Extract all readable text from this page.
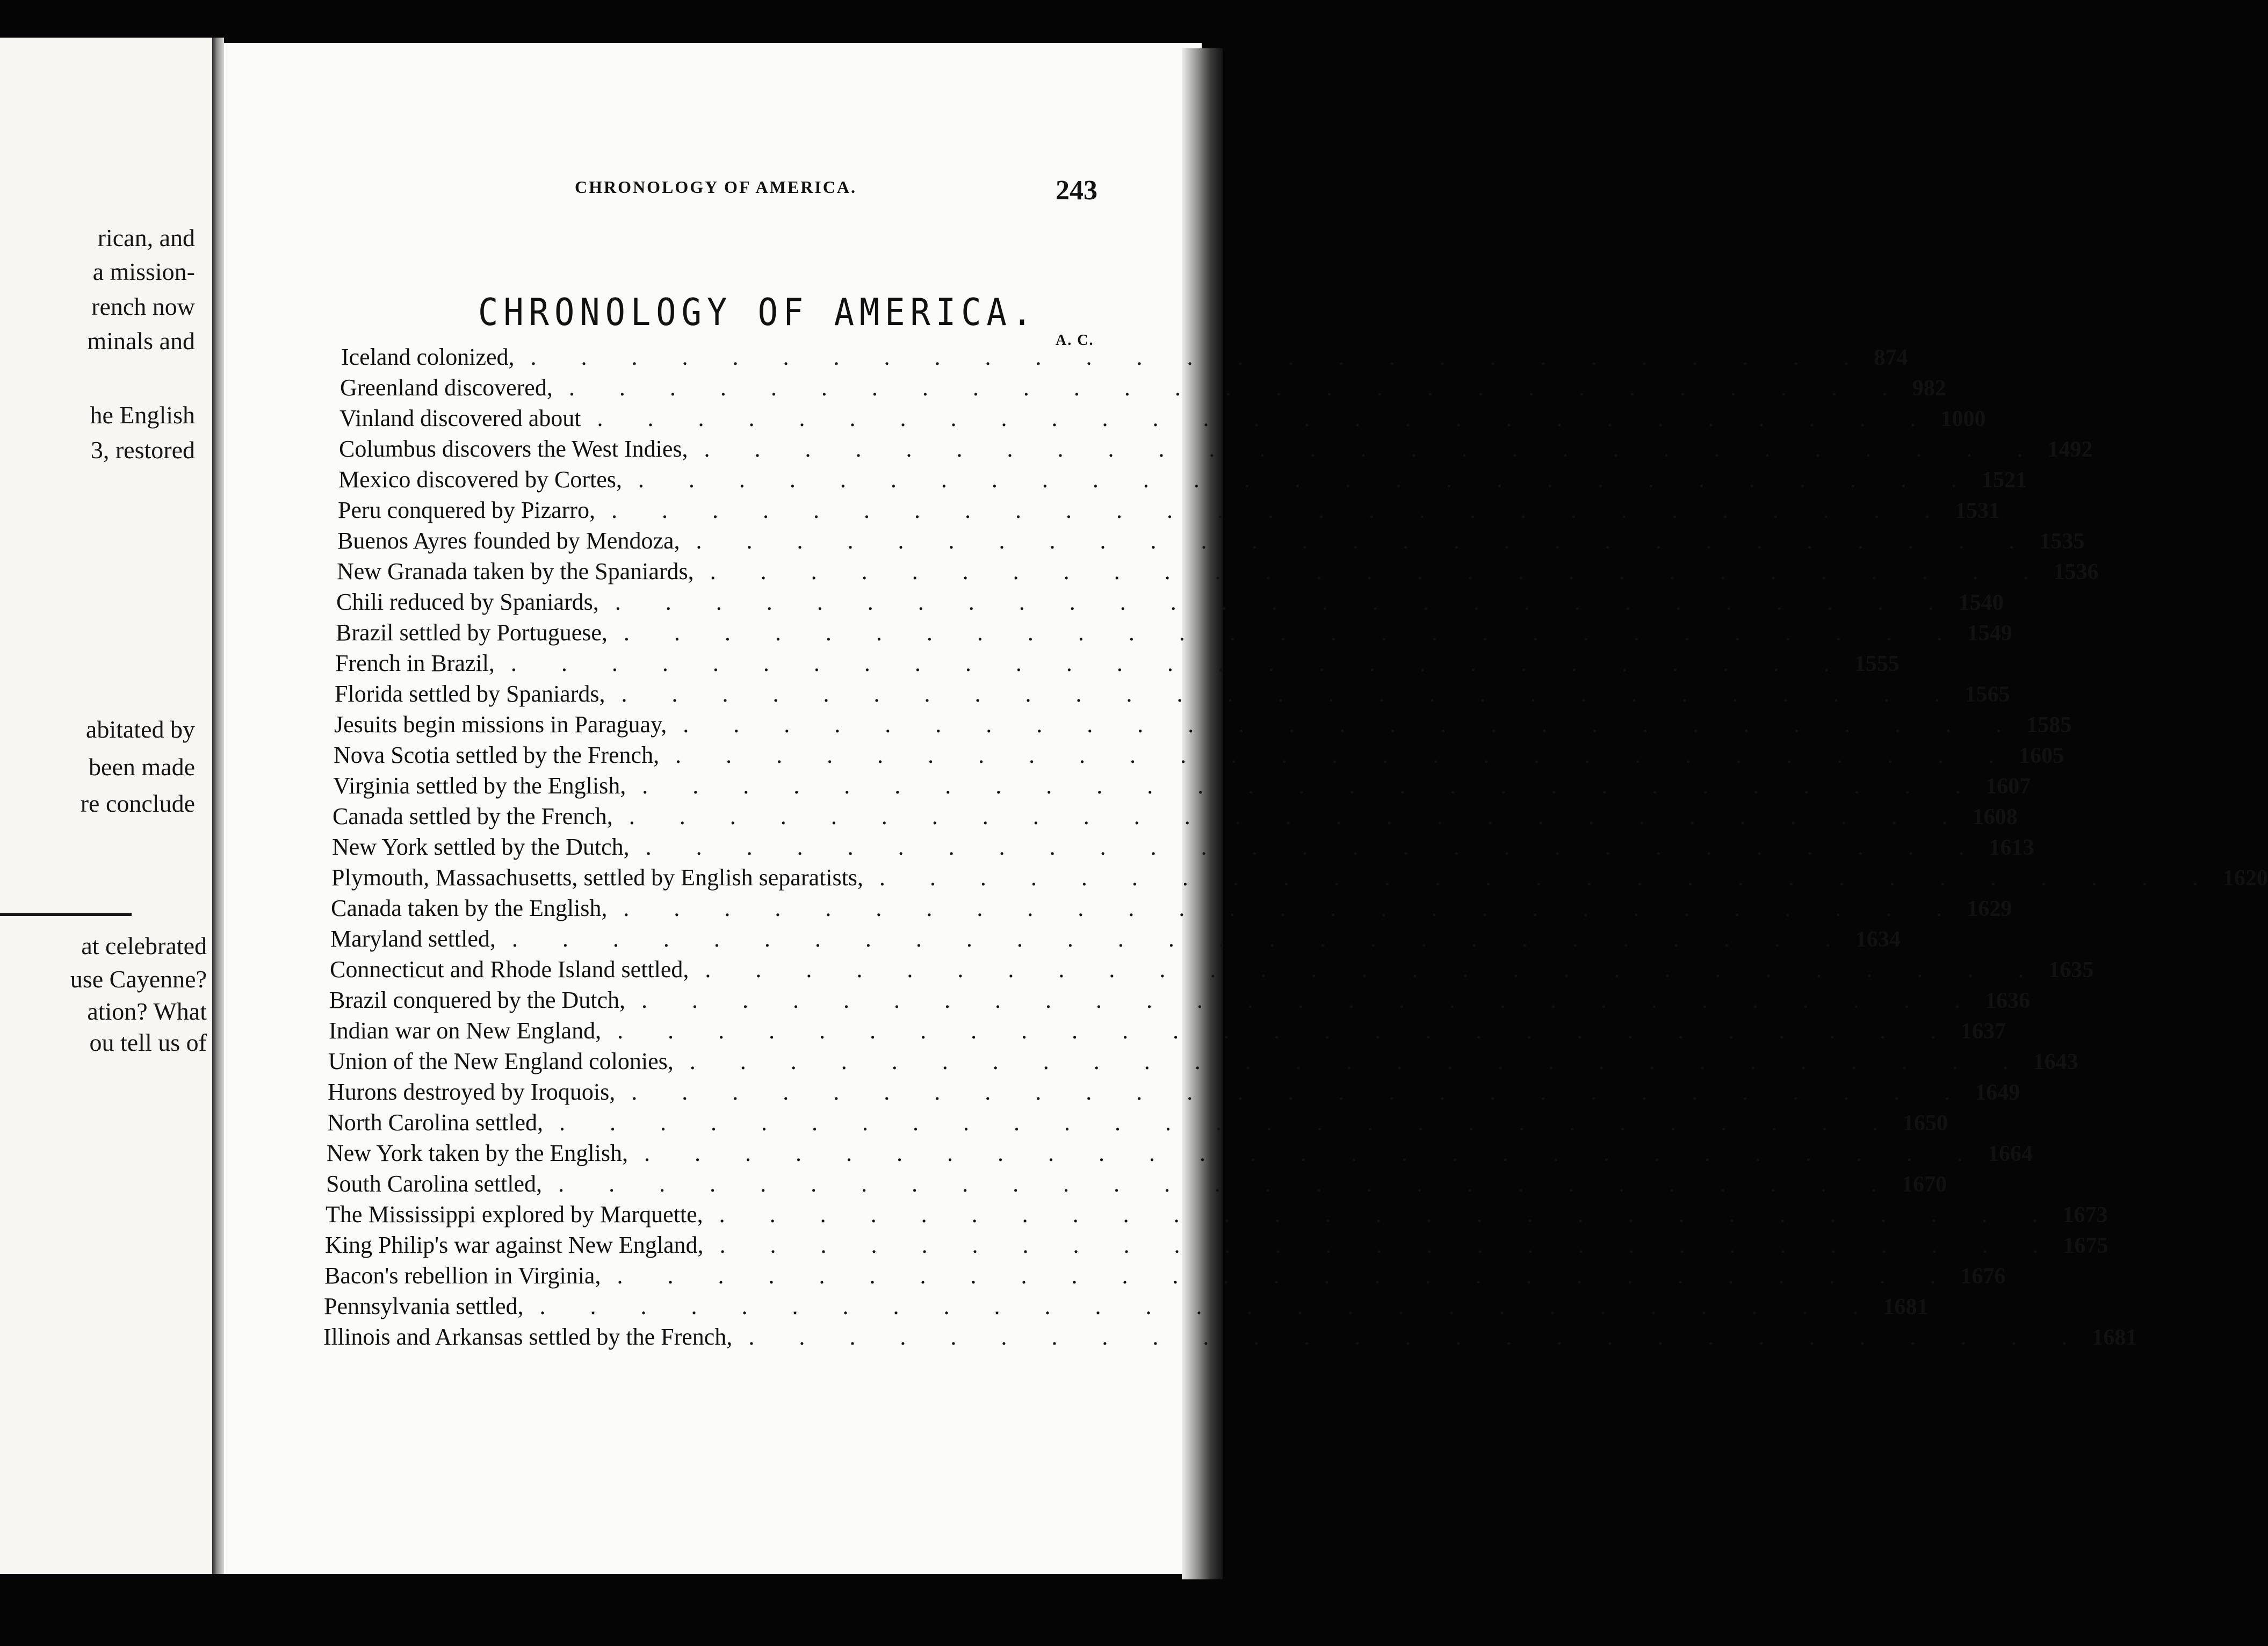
rican, and
a mission-
rench now
minals and
he English
3, restored
abitated by
been made
re conclude
at celebrated
use Cayenne?
ation? What
ou tell us of
CHRONOLOGY OF AMERICA.	243
CHRONOLOGY OF AMERICA.
A. C.
Iceland colonized, . . . . . . . . . . . . . . . . . . . . . . . . . . . 874
Greenland discovered, . . . . . . . . . . . . . . . . . . . . . . . . . . . 982
Vinland discovered about . . . . . . . . . . . . . . . . . . . . . . . . . . . 1000
Columbus discovers the West Indies, . . . . . . . . . . . . . . . . . . . . . . . . . . . 1492
Mexico discovered by Cortes, . . . . . . . . . . . . . . . . . . . . . . . . . . . 1521
Peru conquered by Pizarro, . . . . . . . . . . . . . . . . . . . . . . . . . . . 1531
Buenos Ayres founded by Mendoza, . . . . . . . . . . . . . . . . . . . . . . . . . . . 1535
New Granada taken by the Spaniards, . . . . . . . . . . . . . . . . . . . . . . . . . . . 1536
Chili reduced by Spaniards, . . . . . . . . . . . . . . . . . . . . . . . . . . . 1540
Brazil settled by Portuguese, . . . . . . . . . . . . . . . . . . . . . . . . . . . 1549
French in Brazil, . . . . . . . . . . . . . . . . . . . . . . . . . . . 1555
Florida settled by Spaniards, . . . . . . . . . . . . . . . . . . . . . . . . . . . 1565
Jesuits begin missions in Paraguay, . . . . . . . . . . . . . . . . . . . . . . . . . . . 1585
Nova Scotia settled by the French, . . . . . . . . . . . . . . . . . . . . . . . . . . . 1605
Virginia settled by the English, . . . . . . . . . . . . . . . . . . . . . . . . . . . 1607
Canada settled by the French, . . . . . . . . . . . . . . . . . . . . . . . . . . . 1608
New York settled by the Dutch, . . . . . . . . . . . . . . . . . . . . . . . . . . . 1613
Plymouth, Massachusetts, settled by English separatists, . . . . . . . . . . . . . . . . . . . . . . . . . . . 1620
Canada taken by the English, . . . . . . . . . . . . . . . . . . . . . . . . . . . 1629
Maryland settled, . . . . . . . . . . . . . . . . . . . . . . . . . . . 1634
Connecticut and Rhode Island settled, . . . . . . . . . . . . . . . . . . . . . . . . . . . 1635
Brazil conquered by the Dutch, . . . . . . . . . . . . . . . . . . . . . . . . . . . 1636
Indian war on New England, . . . . . . . . . . . . . . . . . . . . . . . . . . . 1637
Union of the New England colonies, . . . . . . . . . . . . . . . . . . . . . . . . . . . 1643
Hurons destroyed by Iroquois, . . . . . . . . . . . . . . . . . . . . . . . . . . . 1649
North Carolina settled, . . . . . . . . . . . . . . . . . . . . . . . . . . . 1650
New York taken by the English, . . . . . . . . . . . . . . . . . . . . . . . . . . . 1664
South Carolina settled, . . . . . . . . . . . . . . . . . . . . . . . . . . . 1670
The Mississippi explored by Marquette, . . . . . . . . . . . . . . . . . . . . . . . . . . . 1673
King Philip's war against New England, . . . . . . . . . . . . . . . . . . . . . . . . . . . 1675
Bacon's rebellion in Virginia, . . . . . . . . . . . . . . . . . . . . . . . . . . . 1676
Pennsylvania settled, . . . . . . . . . . . . . . . . . . . . . . . . . . . 1681
Illinois and Arkansas settled by the French, . . . . . . . . . . . . . . . . . . . . . . . . . . . 1681
